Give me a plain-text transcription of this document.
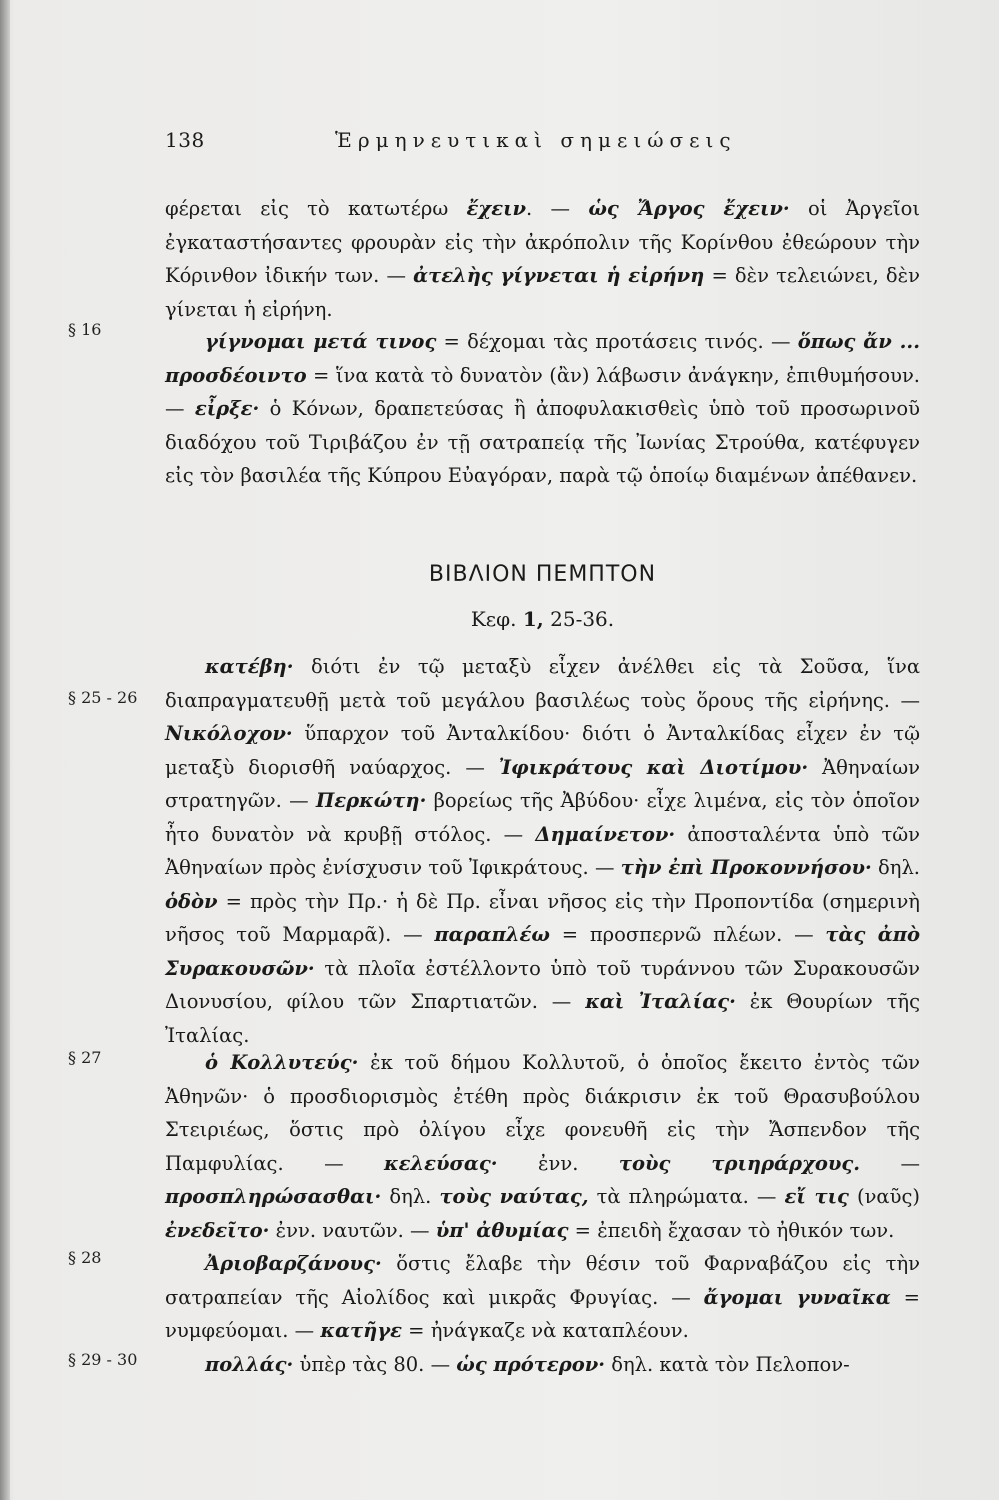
138	Ἑρμηνευτικαὶ σημειώσεις
φέρεται εἰς τὸ κατωτέρω ἔχειν. — ὡς Ἄργος ἔχειν· οἱ Ἀργεῖοι ἐγκαταστήσαντες φρουρὰν εἰς τὴν ἀκρόπολιν τῆς Κορίνθου ἐθεώρουν τὴν Κόρινθον ἰδικήν των. — ἀτελὴς γίγνεται ἡ εἰρήνη = δὲν τελειώνει, δὲν γίνεται ἡ εἰρήνη.
§ 16
γίγνομαι μετά τινος = δέχομαι τὰς προτάσεις τινός. — ὅπως ἄν ... προσδέοιντο = ἵνα κατὰ τὸ δυνατὸν (ἂν) λάβωσιν ἀνάγκην, ἐπιθυμήσουν. — εἶρξε· ὁ Κόνων, δραπετεύσας ἢ ἀποφυλακισθεὶς ὑπὸ τοῦ προσωρινοῦ διαδόχου τοῦ Τιριβάζου ἐν τῇ σατραπείᾳ τῆς Ἰωνίας Στρούθα, κατέφυγεν εἰς τὸν βασιλέα τῆς Κύπρου Εὐαγόραν, παρὰ τῷ ὁποίῳ διαμένων ἀπέθανεν.
ΒΙΒΛΙΟΝ ΠΕΜΠΤΟΝ
Κεφ. 1, 25-36.
§ 25 - 26
κατέβη· διότι ἐν τῷ μεταξὺ εἶχεν ἀνέλθει εἰς τὰ Σοῦσα, ἵνα διαπραγματευθῇ μετὰ τοῦ μεγάλου βασιλέως τοὺς ὅρους τῆς εἰρήνης. — Νικόλοχον· ὕπαρχον τοῦ Ἀνταλκίδου· διότι ὁ Ἀνταλκίδας εἶχεν ἐν τῷ μεταξὺ διορισθῆ ναύαρχος. — Ἰφικράτους καὶ Διοτίμου· Ἀθηναίων στρατηγῶν. — Περκώτη· βορείως τῆς Ἀβύδου· εἶχε λιμένα, εἰς τὸν ὁποῖον ἦτο δυνατὸν νὰ κρυβῇ στόλος. — Δημαίνετον· ἀποσταλέντα ὑπὸ τῶν Ἀθηναίων πρὸς ἐνίσχυσιν τοῦ Ἰφικράτους. — τὴν ἐπὶ Προκοννήσου· δηλ. ὁδὸν = πρὸς τὴν Πρ.· ἡ δὲ Πρ. εἶναι νῆσος εἰς τὴν Προποντίδα (σημερινὴ νῆσος τοῦ Μαρμαρᾶ). — παραπλέω = προσπερνῶ πλέων. — τὰς ἀπὸ Συρακουσῶν· τὰ πλοῖα ἐστέλλοντο ὑπὸ τοῦ τυράννου τῶν Συρακουσῶν Διονυσίου, φίλου τῶν Σπαρτιατῶν. — καὶ Ἰταλίας· ἐκ Θουρίων τῆς Ἰταλίας.
§ 27	ὁ Κολλυτεύς· ἐκ τοῦ δήμου Κολλυτοῦ, ὁ ὁποῖος ἔκειτο ἐντὸς τῶν Ἀθηνῶν· ὁ προσδιορισμὸς ἐτέθη πρὸς διάκρισιν ἐκ τοῦ Θρασυβούλου Στειριέως, ὅστις πρὸ ὀλίγου εἶχε φονευθῆ εἰς τὴν Ἄσπενδον τῆς Παμφυλίας. — κελεύσας· ἐνν. τοὺς τριηράρχους. — προσπληρώσασθαι· δηλ. τοὺς ναύτας, τὰ πληρώματα. — εἴ τις (ναῦς) ἐνεδεῖτο· ἐνν. ναυτῶν. — ὑπ' ἀθυμίας = ἐπειδὴ ἔχασαν τὸ ἠθικόν των.
§ 28	Ἀριοβαρζάνους· ὅστις ἔλαβε τὴν θέσιν τοῦ Φαρναβάζου εἰς τὴν σατραπείαν τῆς Αἰολίδος καὶ μικρᾶς Φρυγίας. — ἄγομαι γυναῖκα = νυμφεύομαι. — κατῆγε = ἠνάγκαζε νὰ καταπλέουν.
§ 29 - 30	πολλάς· ὑπὲρ τὰς 80. — ὡς πρότερον· δηλ. κατὰ τὸν Πελοπον-
